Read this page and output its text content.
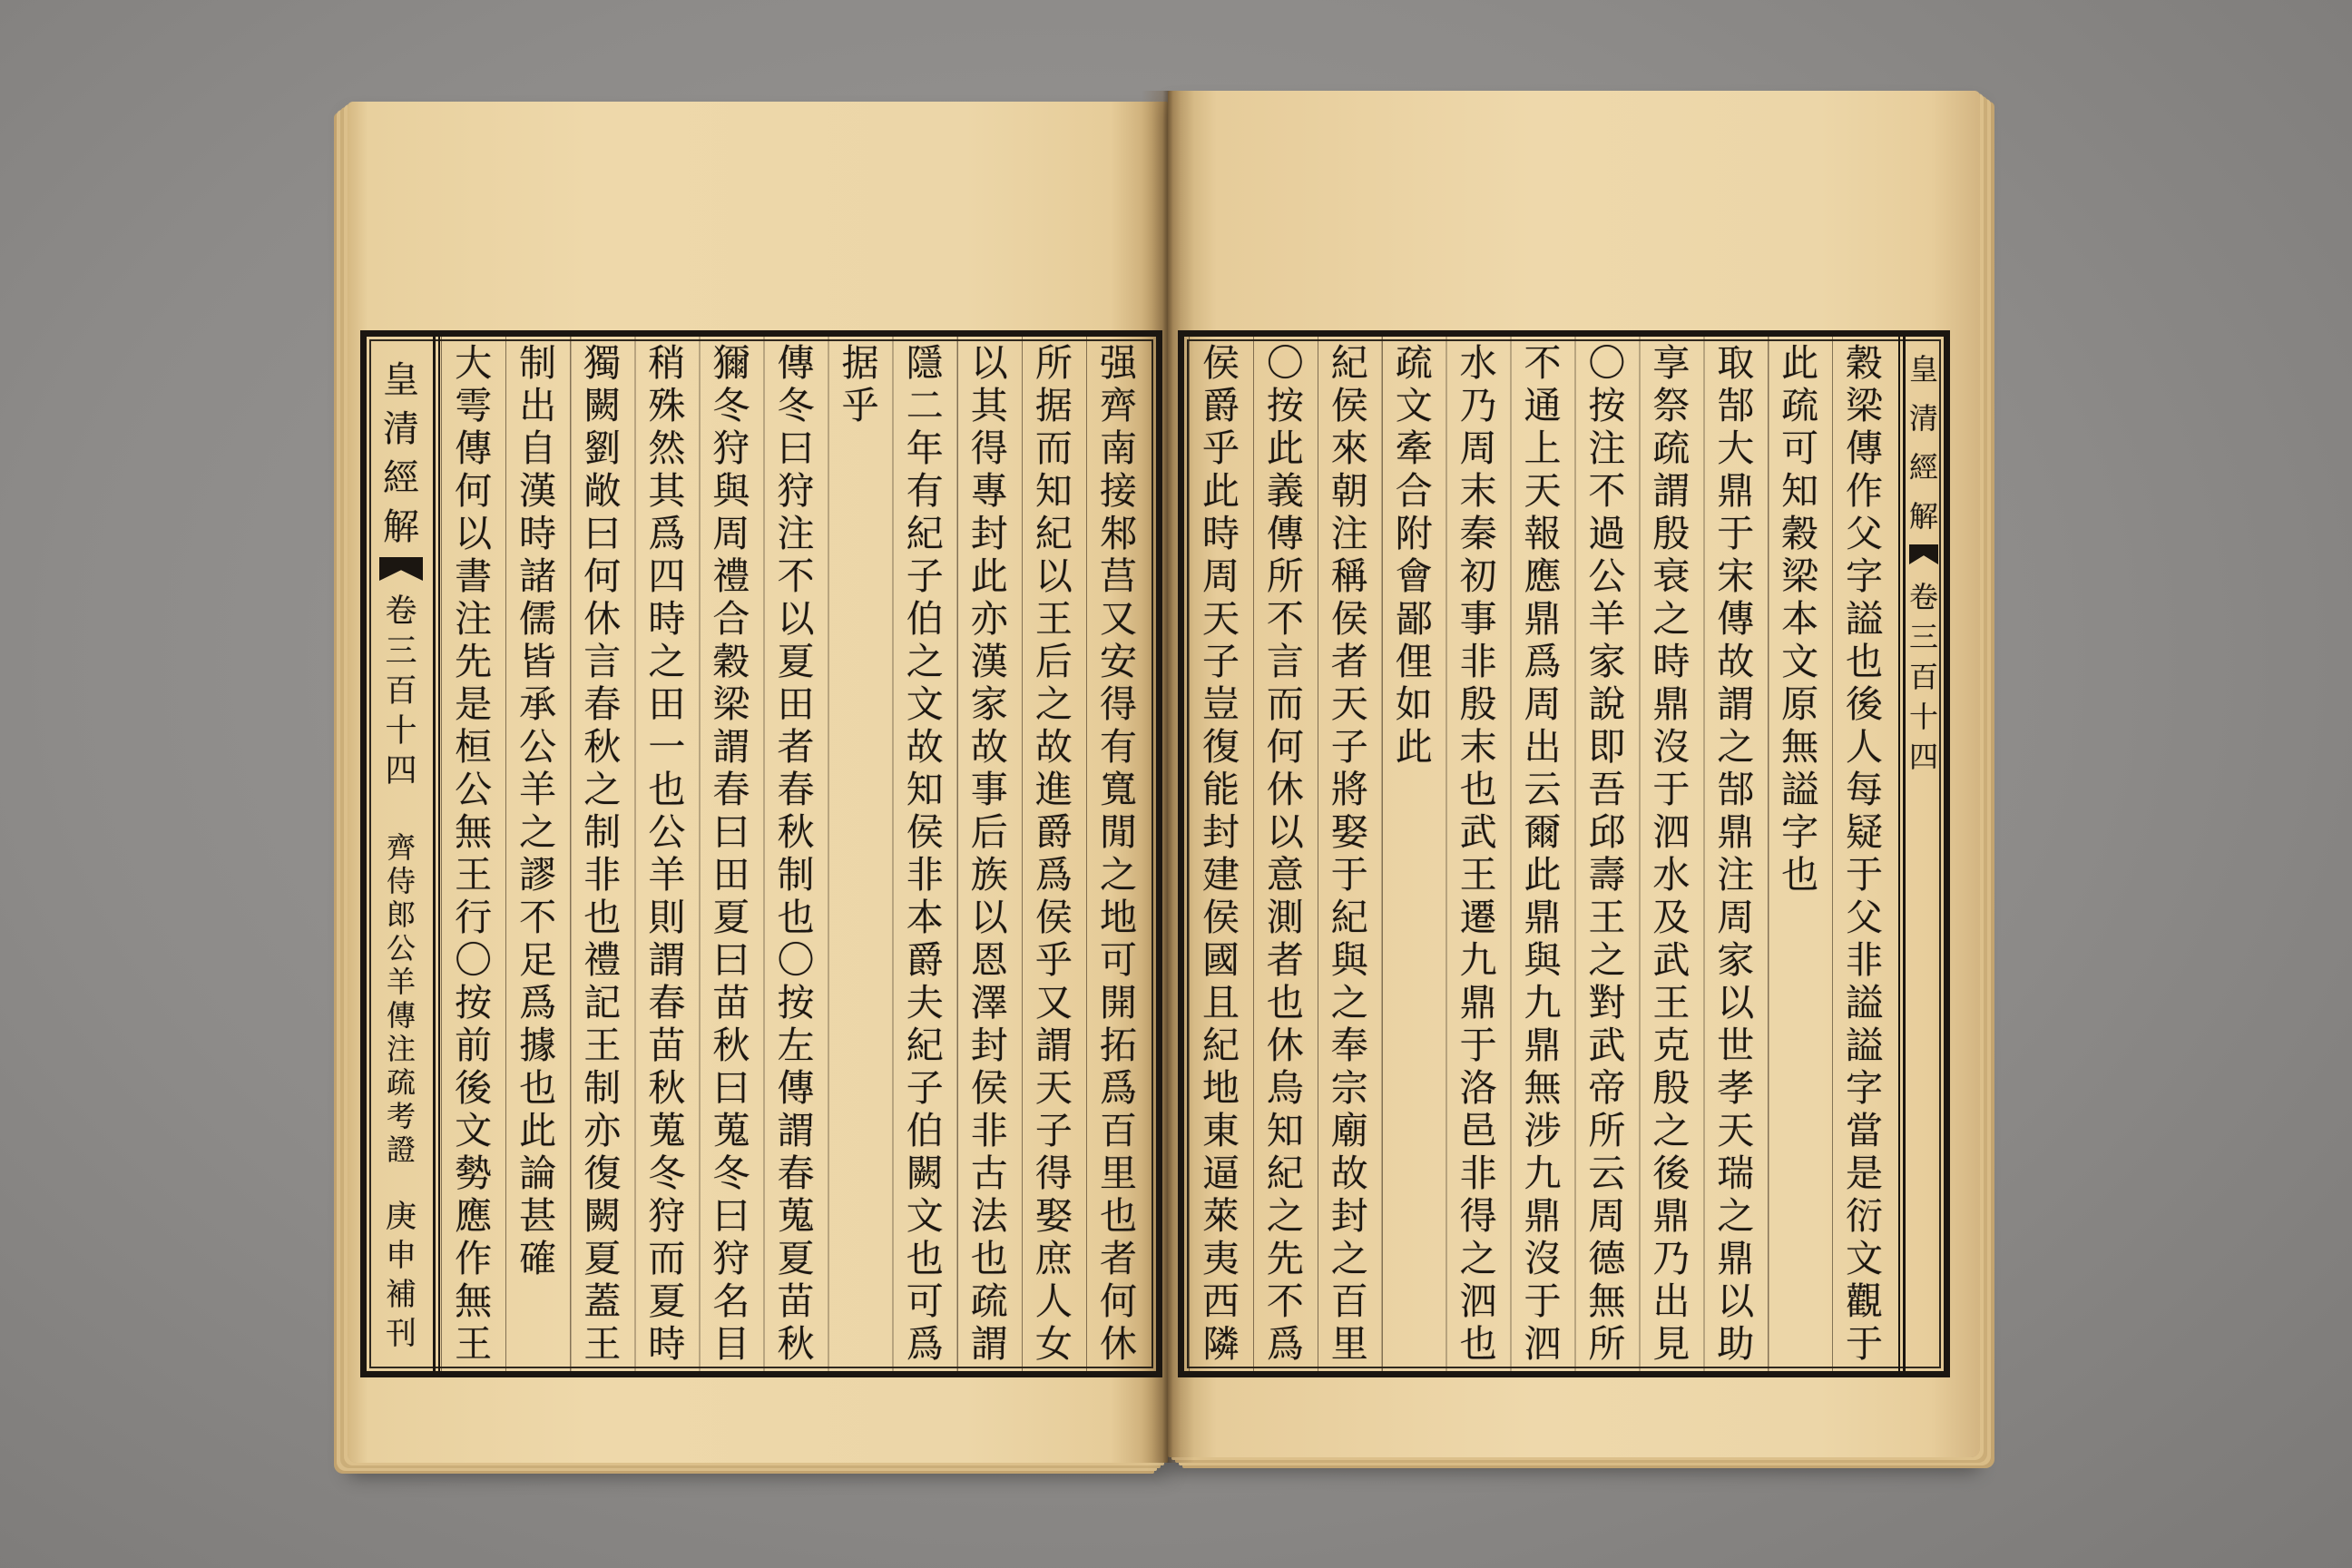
皇
清
經
解
卷
三
百
十
四
齊
侍
郎
公
羊
傳
注
疏
考
證
庚
申
補
刊
强
齊
南
接
邾
莒
又
安
得
有
寬
閒
之
地
可
開
拓
爲
百
里
也
者
何
休
所
据
而
知
紀
以
王
后
之
故
進
爵
爲
侯
乎
又
謂
天
子
得
娶
庶
人
女
以
其
得
專
封
此
亦
漢
家
故
事
后
族
以
恩
澤
封
侯
非
古
法
也
疏
謂
隱
二
年
有
紀
子
伯
之
文
故
知
侯
非
本
爵
夫
紀
子
伯
闕
文
也
可
爲
据
乎
傳
冬
曰
狩
注
不
以
夏
田
者
春
秋
制
也
〇
按
左
傳
謂
春
蒐
夏
苗
秋
獮
冬
狩
與
周
禮
合
穀
梁
謂
春
曰
田
夏
曰
苗
秋
曰
蒐
冬
曰
狩
名
目
稍
殊
然
其
爲
四
時
之
田
一
也
公
羊
則
謂
春
苗
秋
蒐
冬
狩
而
夏
時
獨
闕
劉
敞
曰
何
休
言
春
秋
之
制
非
也
禮
記
王
制
亦
復
闕
夏
蓋
王
制
出
自
漢
時
諸
儒
皆
承
公
羊
之
謬
不
足
爲
據
也
此
論
甚
確
大
雩
傳
何
以
書
注
先
是
桓
公
無
王
行
〇
按
前
後
文
勢
應
作
無
王
皇
清
經
解
卷
三
百
十
四
穀
梁
傳
作
父
字
謚
也
後
人
每
疑
于
父
非
謚
謚
字
當
是
衍
文
觀
于
此
疏
可
知
穀
梁
本
文
原
無
謚
字
也
取
郜
大
鼎
于
宋
傳
故
謂
之
郜
鼎
注
周
家
以
世
孝
天
瑞
之
鼎
以
助
享
祭
疏
謂
殷
衰
之
時
鼎
沒
于
泗
水
及
武
王
克
殷
之
後
鼎
乃
出
見
〇
按
注
不
過
公
羊
家
說
即
吾
邱
壽
王
之
對
武
帝
所
云
周
德
無
所
不
通
上
天
報
應
鼎
爲
周
出
云
爾
此
鼎
與
九
鼎
無
涉
九
鼎
沒
于
泗
水
乃
周
末
秦
初
事
非
殷
末
也
武
王
遷
九
鼎
于
洛
邑
非
得
之
泗
也
疏
文
牽
合
附
會
鄙
俚
如
此
紀
侯
來
朝
注
稱
侯
者
天
子
將
娶
于
紀
與
之
奉
宗
廟
故
封
之
百
里
〇
按
此
義
傳
所
不
言
而
何
休
以
意
測
者
也
休
烏
知
紀
之
先
不
爲
侯
爵
乎
此
時
周
天
子
豈
復
能
封
建
侯
國
且
紀
地
東
逼
萊
夷
西
隣
